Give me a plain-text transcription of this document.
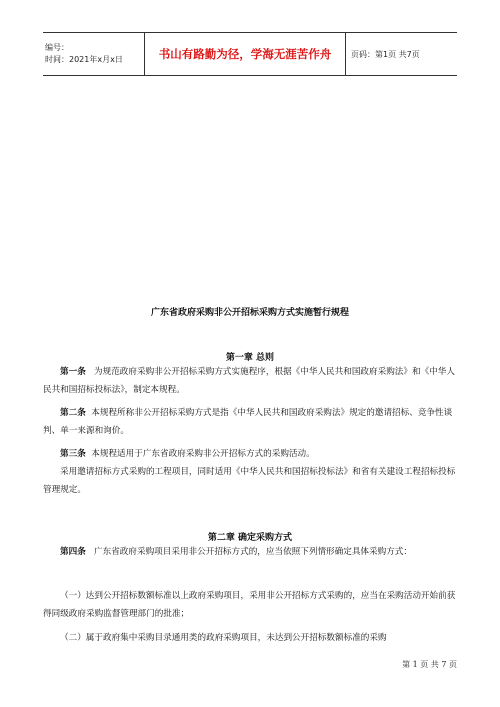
编号：
时间：2021年x月x日	书山有路勤为径，学海无涯苦作舟	页码：第1页 共7页
广东省政府采购非公开招标采购方式实施暂行规程
第一章 总则
第一条 为规范政府采购非公开招标采购方式实施程序，根据《中华人民共和国政府采购法》和《中华人民共和国招标投标法》，制定本规程。
第二条 本规程所称非公开招标采购方式是指《中华人民共和国政府采购法》规定的邀请招标、竞争性谈判、单一来源和询价。
第三条 本规程适用于广东省政府采购非公开招标方式的采购活动。
采用邀请招标方式采购的工程项目，同时适用《中华人民共和国招标投标法》和省有关建设工程招标投标管理规定。
第二章 确定采购方式
第四条 广东省政府采购项目采用非公开招标方式的，应当依照下列情形确定具体采购方式：
（一）达到公开招标数额标准以上政府采购项目，采用非公开招标方式采购的，应当在采购活动开始前获得同级政府采购监督管理部门的批准；
（二）属于政府集中采购目录通用类的政府采购项目，未达到公开招标数额标准的采购
第 1 页 共 7 页
